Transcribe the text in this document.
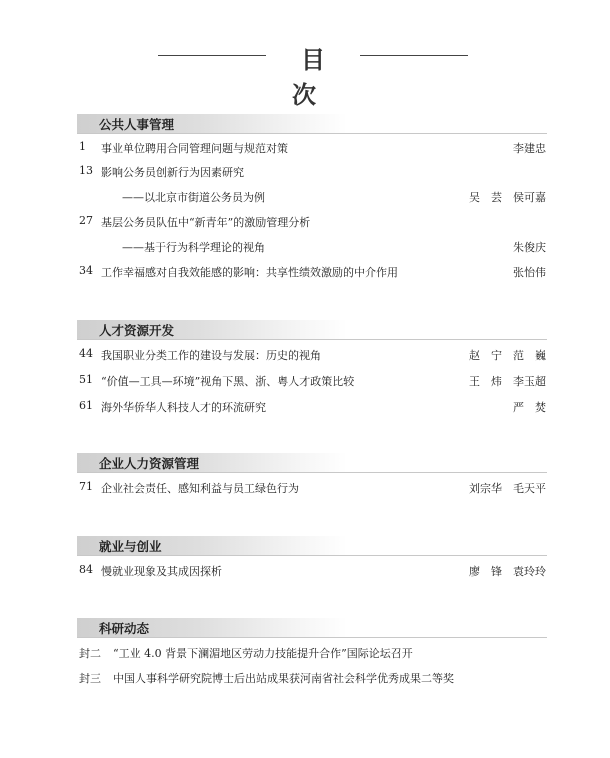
目次
公共人事管理
1 事业单位聘用合同管理问题与规范对策	李建忠
13 影响公务员创新行为因素研究
——以北京市街道公务员为例	吴　芸　侯可嘉
27 基层公务员队伍中“新青年”的激励管理分析
——基于行为科学理论的视角	朱俊庆
34 工作幸福感对自我效能感的影响：共享性绩效激励的中介作用	张怡伟
人才资源开发
44 我国职业分类工作的建设与发展：历史的视角	赵　宁　范　巍
51 “价值—工具—环境”视角下黑、浙、粤人才政策比较	王　炜　李玉超
61 海外华侨华人科技人才的环流研究	严　焚
企业人力资源管理
71 企业社会责任、感知利益与员工绿色行为	刘宗华　毛天平
就业与创业
84 慢就业现象及其成因探析	廖　锋　袁玲玲
科研动态
封二 “工业 4.0 背景下澜湄地区劳动力技能提升合作”国际论坛召开
封三 中国人事科学研究院博士后出站成果获河南省社会科学优秀成果二等奖
